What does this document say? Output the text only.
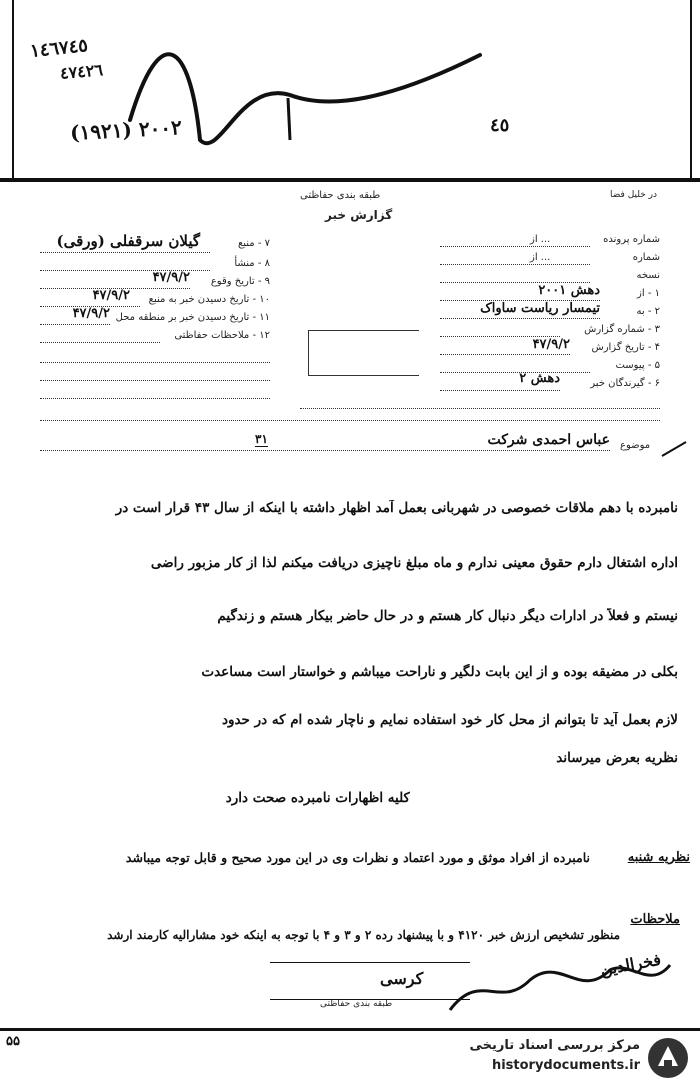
١٤٦٧٤٥
٤٧٤٢٦
(١٩٢١) ٢٠٠٢	٤٥
طبقه بندی حفاظتی
گزارش خبر
در خلیل فضا
۷ - منبع
گیلان سرقفلی (ورقی)
۸ - منشأ
۹ - تاریخ وقوع
۴۷/۹/۲
۱۰ - تاریخ دسیدن خبر به منبع
۴۷/۹/۲
۱۱ - تاریخ دسیدن خبر بر منطقه محل
۴۷/۹/۲
۱۲ - ملاحظات حفاظتی
شماره پرونده
از ...
شماره
از ...
نسخه
۱ - از
دهش ۲۰۰۱
۲ - به
تیمسار ریاست ساواک
۳ - شماره گزارش
۴ - تاریخ گزارش
۴۷/۹/۲
۵ - پیوست
۶ - گیرندگان خبر
دهش ۲
موضوع
عباس احمدی شرکت
۳۱
نامبرده با دهم ملاقات خصوصی در شهربانی بعمل آمد اظهار داشته با اینکه از سال ۴۳ قرار است در
اداره اشتغال دارم حقوق معینی ندارم و ماه مبلغ ناچیزی دریافت میکنم لذا از کار مزبور راضی
نیستم و فعلاً در ادارات دیگر دنبال کار هستم و در حال حاضر بیکار هستم و زندگیم
بکلی در مضیقه بوده و از این بابت دلگیر و ناراحت میباشم و خواستار است مساعدت
لازم بعمل آید تا بتوانم از محل کار خود استفاده نمایم و ناچار شده ام که در حدود
نظریه بعرض میرساند
کلیه اظهارات نامبرده صحت دارد
نظریه شنبه
نامبرده از افراد موثق و مورد اعتماد و نظرات وی در این مورد صحیح و قابل توجه میباشد
ملاحظات
منظور تشخیص ارزش خبر ۴۱۲۰ و با پیشنهاد رده ۲ و ۳ و ۴ با توجه به اینکه خود مشارالیه کارمند ارشد
طبقه بندی حفاظتی
کرسی	فخرالدین
۵۵	مرکز بررسی اسناد تاریخی
historydocuments.ir
